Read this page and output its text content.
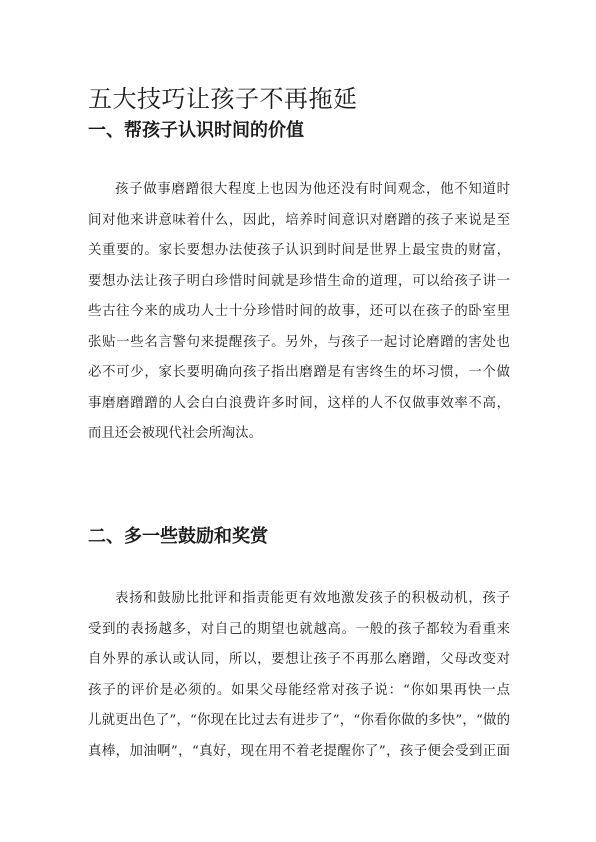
五大技巧让孩子不再拖延
一、帮孩子认识时间的价值
孩子做事磨蹭很大程度上也因为他还没有时间观念，他不知道时
间对他来讲意味着什么，因此，培养时间意识对磨蹭的孩子来说是至
关重要的。家长要想办法使孩子认识到时间是世界上最宝贵的财富，
要想办法让孩子明白珍惜时间就是珍惜生命的道理，可以给孩子讲一
些古往今来的成功人士十分珍惜时间的故事，还可以在孩子的卧室里
张贴一些名言警句来提醒孩子。另外，与孩子一起讨论磨蹭的害处也
必不可少，家长要明确向孩子指出磨蹭是有害终生的坏习惯，一个做
事磨磨蹭蹭的人会白白浪费许多时间，这样的人不仅做事效率不高，
而且还会被现代社会所淘汰。
二、多一些鼓励和奖赏
表扬和鼓励比批评和指责能更有效地激发孩子的积极动机，孩子
受到的表扬越多，对自己的期望也就越高。一般的孩子都较为看重来
自外界的承认或认同，所以，要想让孩子不再那么磨蹭，父母改变对
孩子的评价是必须的。如果父母能经常对孩子说：“你如果再快一点
儿就更出色了”，“你现在比过去有进步了”，“你看你做的多快”，“做的
真棒，加油啊”，“真好，现在用不着老提醒你了”，孩子便会受到正面
